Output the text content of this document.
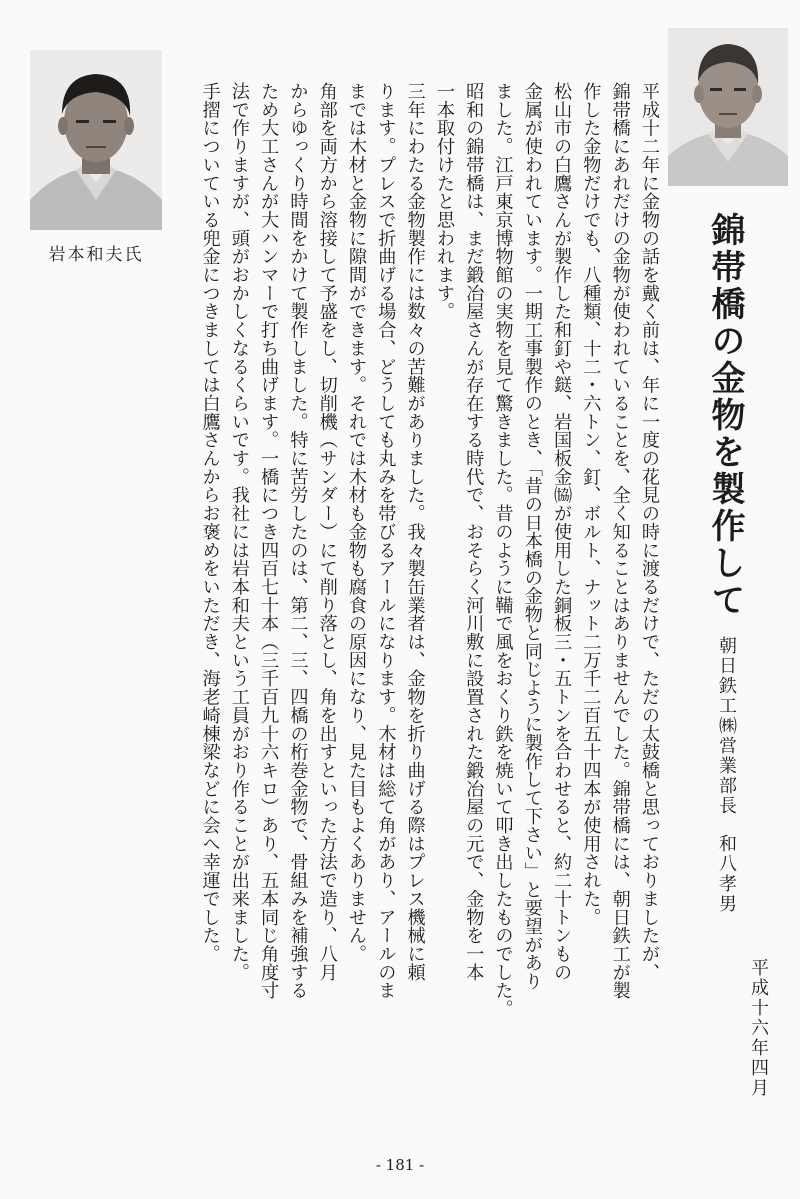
岩本和夫氏	錦帯橋の金物を製作して
朝日鉄工㈱営業部長和八孝男
平成十六年四月
平成十二年に金物の話を戴く前は、年に一度の花見の時に渡るだけで、ただの太鼓橋と思っておりましたが、
錦帯橋にあれだけの金物が使われていることを、全く知ることはありませんでした。錦帯橋には、朝日鉄工が製
作した金物だけでも、八種類、十二・六トン、釘、ボルト、ナット二万千二百五十四本が使用された。
松山市の白鷹さんが製作した和釘や鎹、岩国板金㈿が使用した銅板三・五トンを合わせると、約二十トンもの
金属が使われています。一期工事製作のとき、「昔の日本橋の金物と同じように製作して下さい」と要望があり
ました。江戸東京博物館の実物を見て驚きました。昔のように鞴で風をおくり鉄を焼いて叩き出したものでした。
昭和の錦帯橋は、まだ鍛冶屋さんが存在する時代で、おそらく河川敷に設置された鍛冶屋の元で、金物を一本
一本取付けたと思われます。
三年にわたる金物製作には数々の苦難がありました。我々製缶業者は、金物を折り曲げる際はプレス機械に頼
ります。プレスで折曲げる場合、どうしても丸みを帯びるアールになります。木材は総て角があり、アールのま
までは木材と金物に隙間ができます。それでは木材も金物も腐食の原因になり、見た目もよくありません。
角部を両方から溶接して予盛をし、切削機（サンダー）にて削り落とし、角を出すといった方法で造り、八月
からゆっくり時間をかけて製作しました。特に苦労したのは、第二、三、四橋の桁巻金物で、骨組みを補強する
ため大工さんが大ハンマーで打ち曲げます。一橋につき四百七十本（三千百九十六キロ）あり、五本同じ角度寸
法で作りますが、頭がおかしくなるくらいです。我社には岩本和夫という工員がおり作ることが出来ました。
手摺についている兜金につきましては白鷹さんからお褒めをいただき、海老崎棟梁などに会へ幸運でした。
- 181 -
